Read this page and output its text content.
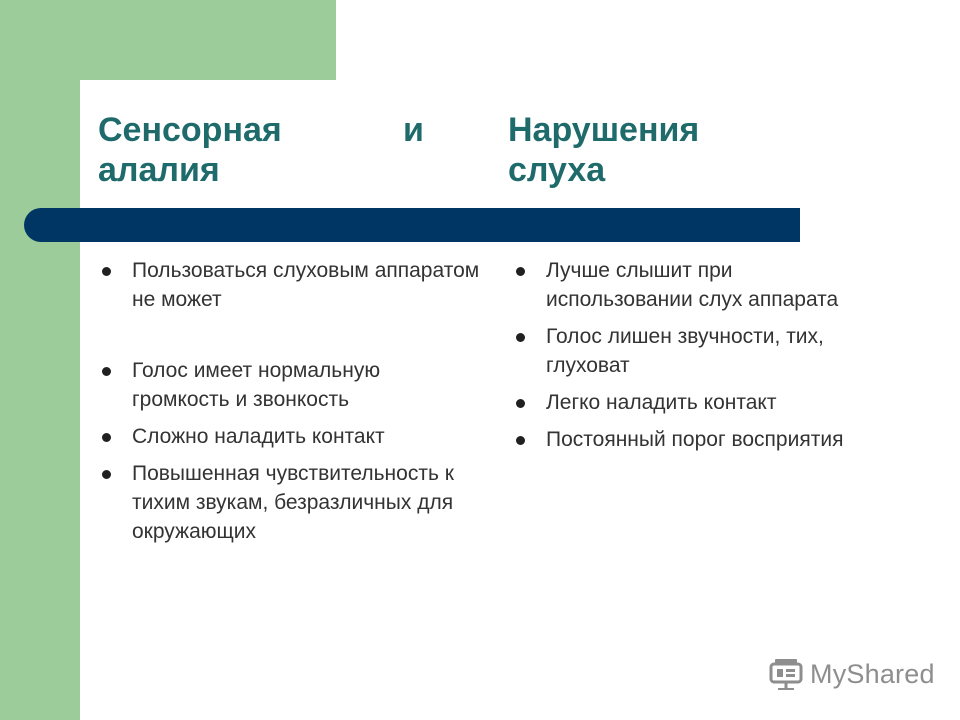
Сенсорная алалия
и Нарушения слуха
Пользоваться слуховым аппаратом не может
Голос имеет нормальную громкость и звонкость
Сложно наладить контакт
Повышенная чувствительность к тихим звукам, безразличных для окружающих
Лучше слышит при использовании слух аппарата
Голос лишен звучности, тих, глуховат
Легко наладить контакт
Постоянный порог восприятия
MyShared
